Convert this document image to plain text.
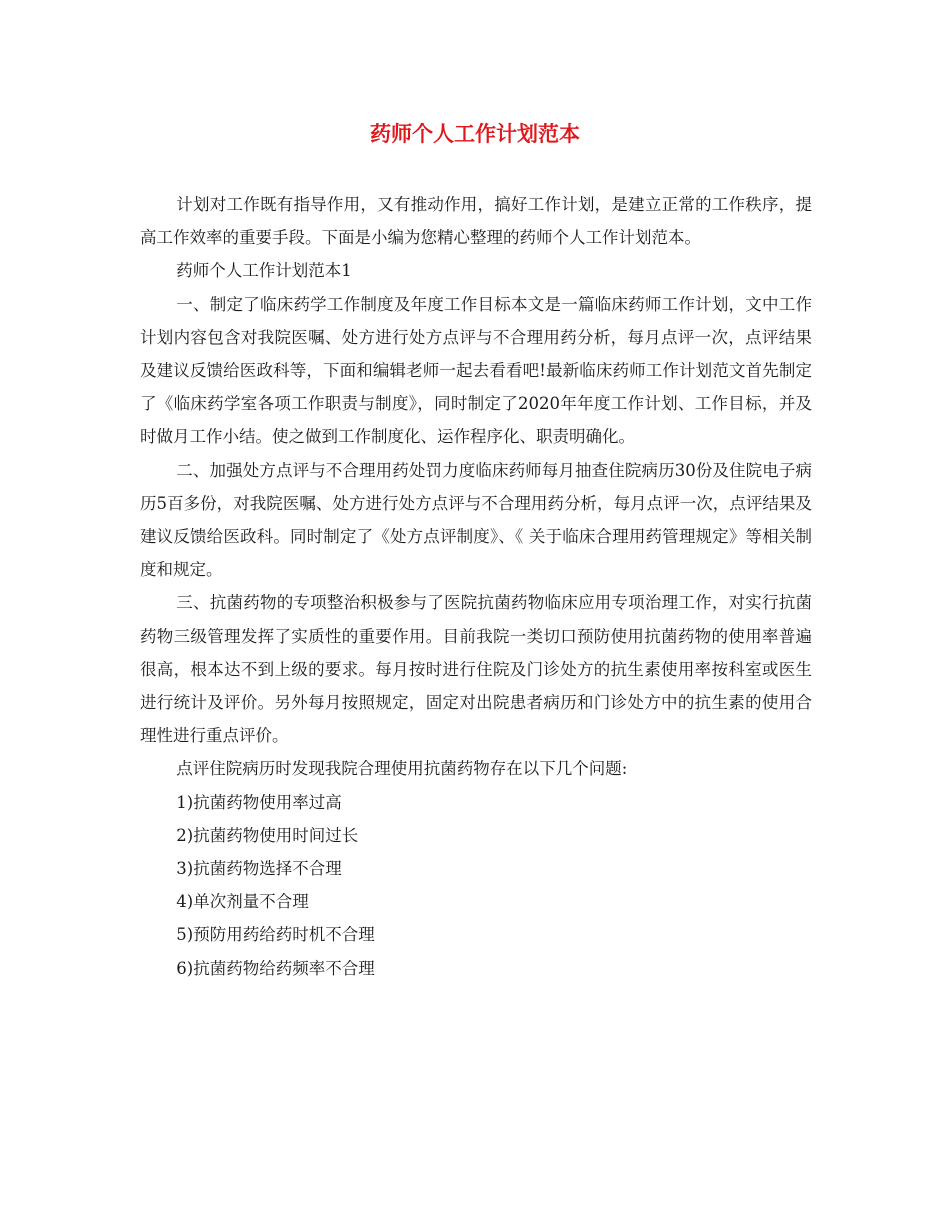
药师个人工作计划范本

计划对工作既有指导作用，又有推动作用，搞好工作计划，是建立正常的工作秩序，提高工作效率的重要手段。下面是小编为您精心整理的药师个人工作计划范本。

药师个人工作计划范本1

一、制定了临床药学工作制度及年度工作目标本文是一篇临床药师工作计划，文中工作计划内容包含对我院医嘱、处方进行处方点评与不合理用药分析，每月点评一次，点评结果及建议反馈给医政科等，下面和编辑老师一起去看看吧!最新临床药师工作计划范文首先制定了《临床药学室各项工作职责与制度》，同时制定了2020年年度工作计划、工作目标，并及时做月工作小结。使之做到工作制度化、运作程序化、职责明确化。

二、加强处方点评与不合理用药处罚力度临床药师每月抽查住院病历30份及住院电子病历5百多份，对我院医嘱、处方进行处方点评与不合理用药分析，每月点评一次，点评结果及建议反馈给医政科。同时制定了《处方点评制度》、《 关于临床合理用药管理规定》等相关制度和规定。

三、抗菌药物的专项整治积极参与了医院抗菌药物临床应用专项治理工作，对实行抗菌药物三级管理发挥了实质性的重要作用。目前我院一类切口预防使用抗菌药物的使用率普遍很高，根本达不到上级的要求。每月按时进行住院及门诊处方的抗生素使用率按科室或医生进行统计及评价。另外每月按照规定，固定对出院患者病历和门诊处方中的抗生素的使用合理性进行重点评价。

点评住院病历时发现我院合理使用抗菌药物存在以下几个问题:

1)抗菌药物使用率过高

2)抗菌药物使用时间过长

3)抗菌药物选择不合理

4)单次剂量不合理

5)预防用药给药时机不合理

6)抗菌药物给药频率不合理
